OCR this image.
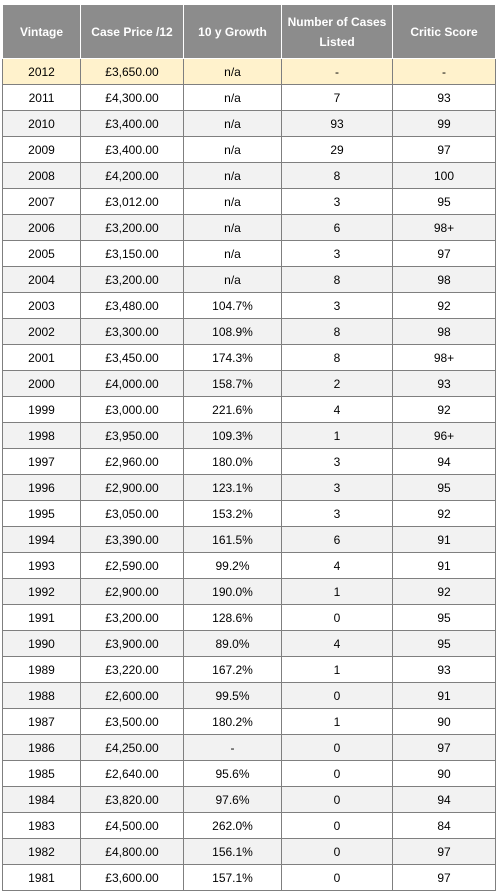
Vintage	Case Price /12	10 y Growth	Number of Cases Listed	Critic Score
2012	£3,650.00	n/a	-	-
2011	£4,300.00	n/a	7	93
2010	£3,400.00	n/a	93	99
2009	£3,400.00	n/a	29	97
2008	£4,200.00	n/a	8	100
2007	£3,012.00	n/a	3	95
2006	£3,200.00	n/a	6	98+
2005	£3,150.00	n/a	3	97
2004	£3,200.00	n/a	8	98
2003	£3,480.00	104.7%	3	92
2002	£3,300.00	108.9%	8	98
2001	£3,450.00	174.3%	8	98+
2000	£4,000.00	158.7%	2	93
1999	£3,000.00	221.6%	4	92
1998	£3,950.00	109.3%	1	96+
1997	£2,960.00	180.0%	3	94
1996	£2,900.00	123.1%	3	95
1995	£3,050.00	153.2%	3	92
1994	£3,390.00	161.5%	6	91
1993	£2,590.00	99.2%	4	91
1992	£2,900.00	190.0%	1	92
1991	£3,200.00	128.6%	0	95
1990	£3,900.00	89.0%	4	95
1989	£3,220.00	167.2%	1	93
1988	£2,600.00	99.5%	0	91
1987	£3,500.00	180.2%	1	90
1986	£4,250.00	-	0	97
1985	£2,640.00	95.6%	0	90
1984	£3,820.00	97.6%	0	94
1983	£4,500.00	262.0%	0	84
1982	£4,800.00	156.1%	0	97
1981	£3,600.00	157.1%	0	97
